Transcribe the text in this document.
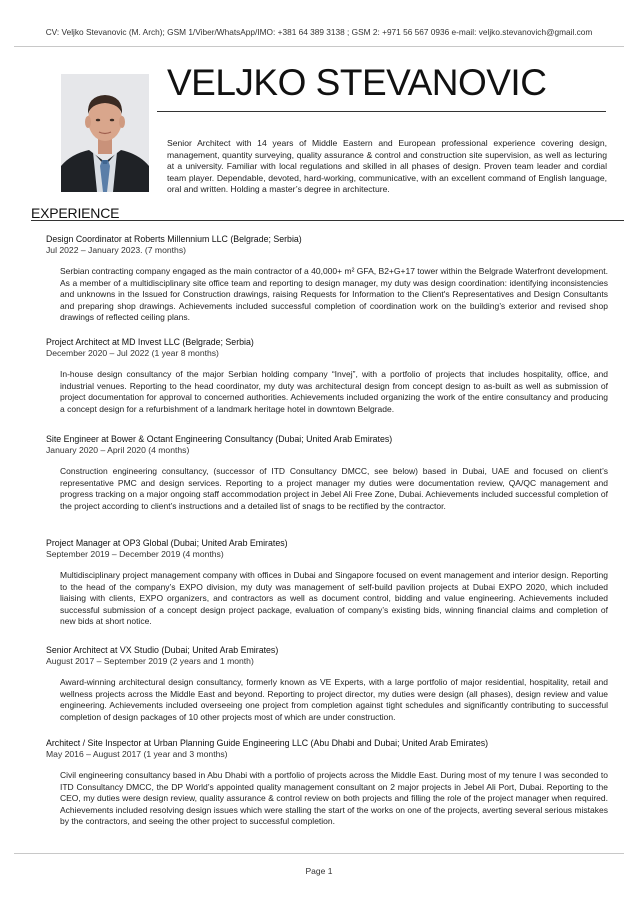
CV: Veljko Stevanovic (M. Arch); GSM 1/Viber/WhatsApp/IMO: +381 64 389 3138 ; GSM 2: +971 56 567 0936 e-mail: veljko.stevanovich@gmail.com
VELJKO STEVANOVIC
Senior Architect with 14 years of Middle Eastern and European professional experience covering design, management, quantity surveying, quality assurance & control and construction site supervision, as well as lecturing at a university. Familiar with local regulations and skilled in all phases of design. Proven team leader and cordial team player. Dependable, devoted, hard-working, communicative, with an excellent command of English language, oral and written. Holding a master’s degree in architecture.
EXPERIENCE
Design Coordinator at Roberts Millennium LLC (Belgrade; Serbia)
Jul 2022 – January 2023. (7 months)
Serbian contracting company engaged as the main contractor of a 40,000+ m² GFA, B2+G+17 tower within the Belgrade Waterfront development. As a member of a multidisciplinary site office team and reporting to design manager, my duty was design coordination: identifying inconsistencies and unknowns in the Issued for Construction drawings, raising Requests for Information to the Client's Representatives and Design Consultants and preparing shop drawings. Achievements included successful completion of coordination work on the building’s exterior and revised shop drawings of reflected ceiling plans.
Project Architect at MD Invest LLC (Belgrade; Serbia)
December 2020 – Jul 2022 (1 year 8 months)
In-house design consultancy of the major Serbian holding company “Invej”, with a portfolio of projects that includes hospitality, office, and industrial venues. Reporting to the head coordinator, my duty was architectural design from concept design to as-built as well as submission of project documentation for approval to concerned authorities. Achievements included organizing the work of the entire consultancy and producing a concept design for a refurbishment of a landmark heritage hotel in downtown Belgrade.
Site Engineer at Bower & Octant Engineering Consultancy (Dubai; United Arab Emirates)
January 2020 – April 2020 (4 months)
Construction engineering consultancy, (successor of ITD Consultancy DMCC, see below) based in Dubai, UAE and focused on client’s representative PMC and design services. Reporting to a project manager my duties were documentation review, QA/QC management and progress tracking on a major ongoing staff accommodation project in Jebel Ali Free Zone, Dubai. Achievements included successful completion of the project according to client’s instructions and a detailed list of snags to be rectified by the contractor.
Project Manager at OP3 Global (Dubai; United Arab Emirates)
September 2019 – December 2019 (4 months)
Multidisciplinary project management company with offices in Dubai and Singapore focused on event management and interior design. Reporting to the head of the company’s EXPO division, my duty was management of self-build pavilion projects at Dubai EXPO 2020, which included liaising with clients, EXPO organizers, and contractors as well as document control, bidding and value engineering. Achievements included successful submission of a concept design project package, evaluation of company’s existing bids, winning financial claims and completion of new bids at short notice.
Senior Architect at VX Studio (Dubai; United Arab Emirates)
August 2017 – September 2019 (2 years and 1 month)
Award-winning architectural design consultancy, formerly known as VE Experts, with a large portfolio of major residential, hospitality, retail and wellness projects across the Middle East and beyond. Reporting to project director, my duties were design (all phases), design review and value engineering. Achievements included overseeing one project from completion against tight schedules and significantly contributing to successful completion of design packages of 10 other projects most of which are under construction.
Architect / Site Inspector at Urban Planning Guide Engineering LLC (Abu Dhabi and Dubai; United Arab Emirates)
May 2016 – August 2017 (1 year and 3 months)
Civil engineering consultancy based in Abu Dhabi with a portfolio of projects across the Middle East. During most of my tenure I was seconded to ITD Consultancy DMCC, the DP World’s appointed quality management consultant on 2 major projects in Jebel Ali Port, Dubai. Reporting to the CEO, my duties were design review, quality assurance & control review on both projects and filling the role of the project manager when required. Achievements included resolving design issues which were stalling the start of the works on one of the projects, averting several serious mistakes by the contractors, and seeing the other project to successful completion.
Page 1
